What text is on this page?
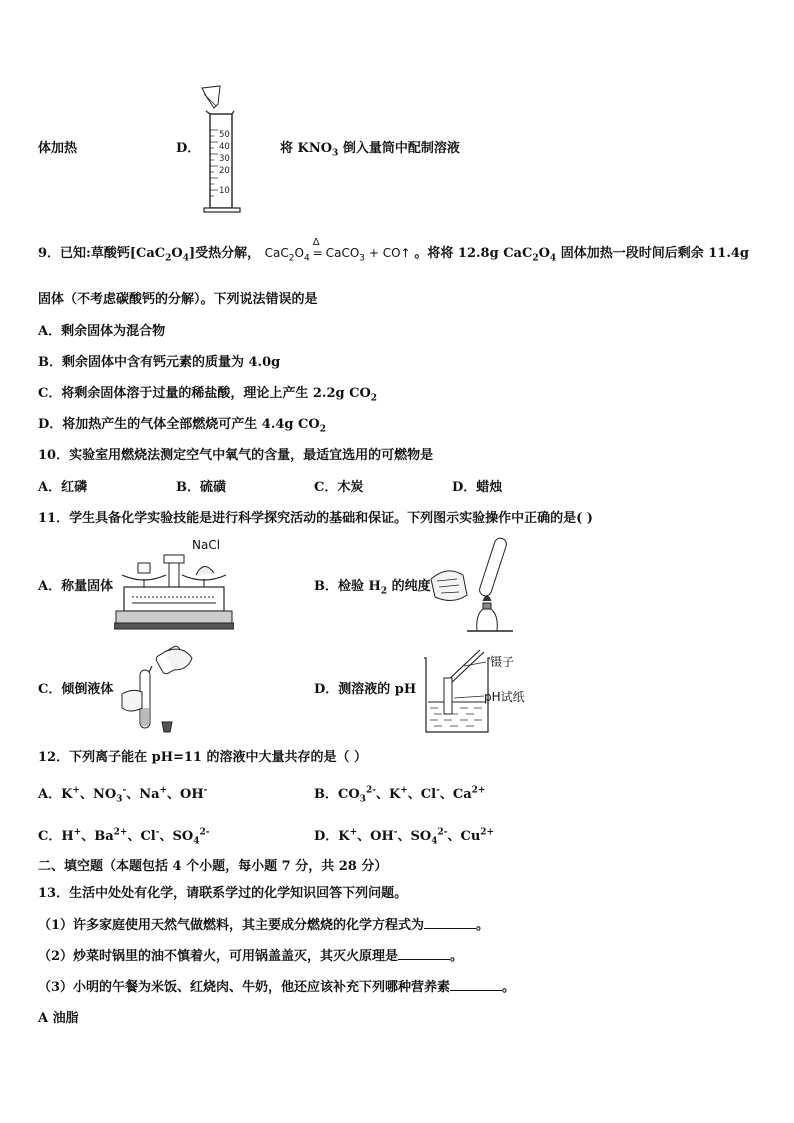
体加热	D．
50
40
30
20
10
将 $KNO_3$ 倒入量筒中配制溶液
9．已知:草酸钙$[CaC_2O_4]$受热分解， $CaC_2O_4$
Δ
= CaCO$_3$ + CO↑ 。将将 12.8g $CaC_2O_4$ 固体加热一段时间后剩余 11.4g
固体（不考虑碳酸钙的分解）。下列说法错误的是
A．剩余固体为混合物
B．剩余固体中含有钙元素的质量为 4.0g
C．将剩余固体溶于过量的稀盐酸，理论上产生 2.2g $CO_2$
D．将加热产生的气体全部燃烧可产生 4.4g $CO_2$
10．实验室用燃烧法测定空气中氧气的含量，最适宜选用的可燃物是
A．红磷	B．硫磺	C．木炭	D．蜡烛
11．学生具备化学实验技能是进行科学探究活动的基础和保证。下列图示实验操作中正确的是( )
A．称量固体
NaCl
B．检验 $H_2$ 的纯度
C．倾倒液体	D．测溶液的 pH
镊子
pH试纸
12．下列离子能在 pH=11 的溶液中大量共存的是（ ）
A．K+、$NO_3^-$、Na+、OH-	B．$CO_3^{2-}$、K+、Cl-、$Ca^{2+}$
C．H+、$Ba^{2+}$、Cl-、$SO_4^{2-}$	D．K+、OH-、$SO_4^{2-}$、$Cu^{2+}$
二、填空题（本题包括 4 个小题，每小题 7 分，共 28 分）
13．生活中处处有化学，请联系学过的化学知识回答下列问题。
（1）许多家庭使用天然气做燃料，其主要成分燃烧的化学方程式为	。
（2）炒菜时锅里的油不慎着火，可用锅盖盖灭，其灭火原理是	。
（3）小明的午餐为米饭、红烧肉、牛奶，他还应该补充下列哪种营养素	。
A 油脂
